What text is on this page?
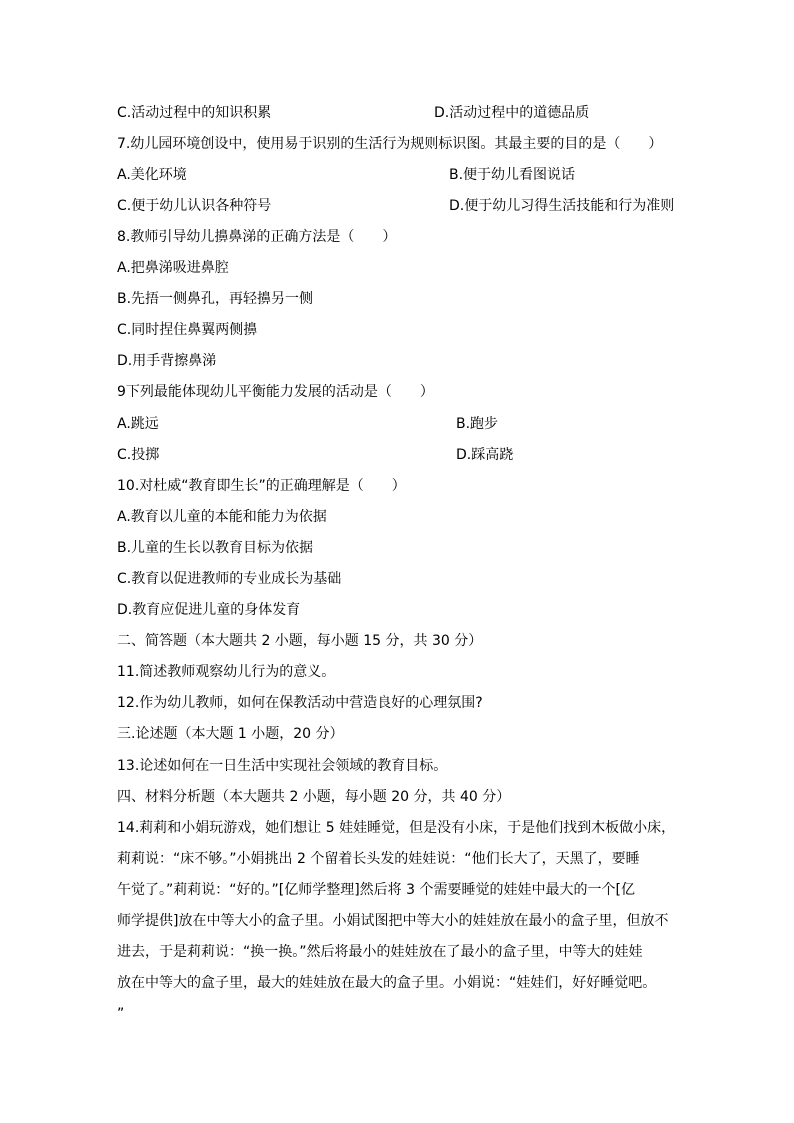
C.活动过程中的知识积累	D.活动过程中的道德品质
7.幼儿园环境创设中，使用易于识别的生活行为规则标识图。其最主要的目的是（　　）
A.美化环境	B.便于幼儿看图说话
C.便于幼儿认识各种符号	D.便于幼儿习得生活技能和行为准则
8.教师引导幼儿擤鼻涕的正确方法是（　　）
A.把鼻涕吸进鼻腔
B.先捂一侧鼻孔，再轻擤另一侧
C.同时捏住鼻翼两侧擤
D.用手背擦鼻涕
9下列最能体现幼儿平衡能力发展的活动是（　　）
A.跳远	B.跑步
C.投掷	D.踩高跷
10.对杜威“教育即生长”的正确理解是（　　）
A.教育以儿童的本能和能力为依据
B.儿童的生长以教育目标为依据
C.教育以促进教师的专业成长为基础
D.教育应促进儿童的身体发育
二、简答题（本大题共 2 小题，每小题 15 分，共 30 分）
11.简述教师观察幼儿行为的意义。
12.作为幼儿教师，如何在保教活动中营造良好的心理氛围?
三.论述题（本大题 1 小题，20 分）
13.论述如何在一日生活中实现社会领域的教育目标。
四、材料分析题（本大题共 2 小题，每小题 20 分，共 40 分）
14.莉莉和小娟玩游戏，她们想让 5 娃娃睡觉，但是没有小床，于是他们找到木板做小床，
莉莉说：“床不够。”小娟挑出 2 个留着长头发的娃娃说：“他们长大了，天黑了，要睡
午觉了。”莉莉说：“好的。”[亿师学整理]然后将 3 个需要睡觉的娃娃中最大的一个[亿
师学提供]放在中等大小的盒子里。小娟试图把中等大小的娃娃放在最小的盒子里，但放不
进去，于是莉莉说：“换一换。”然后将最小的娃娃放在了最小的盒子里，中等大的娃娃
放在中等大的盒子里，最大的娃娃放在最大的盒子里。小娟说：“娃娃们，好好睡觉吧。
”
